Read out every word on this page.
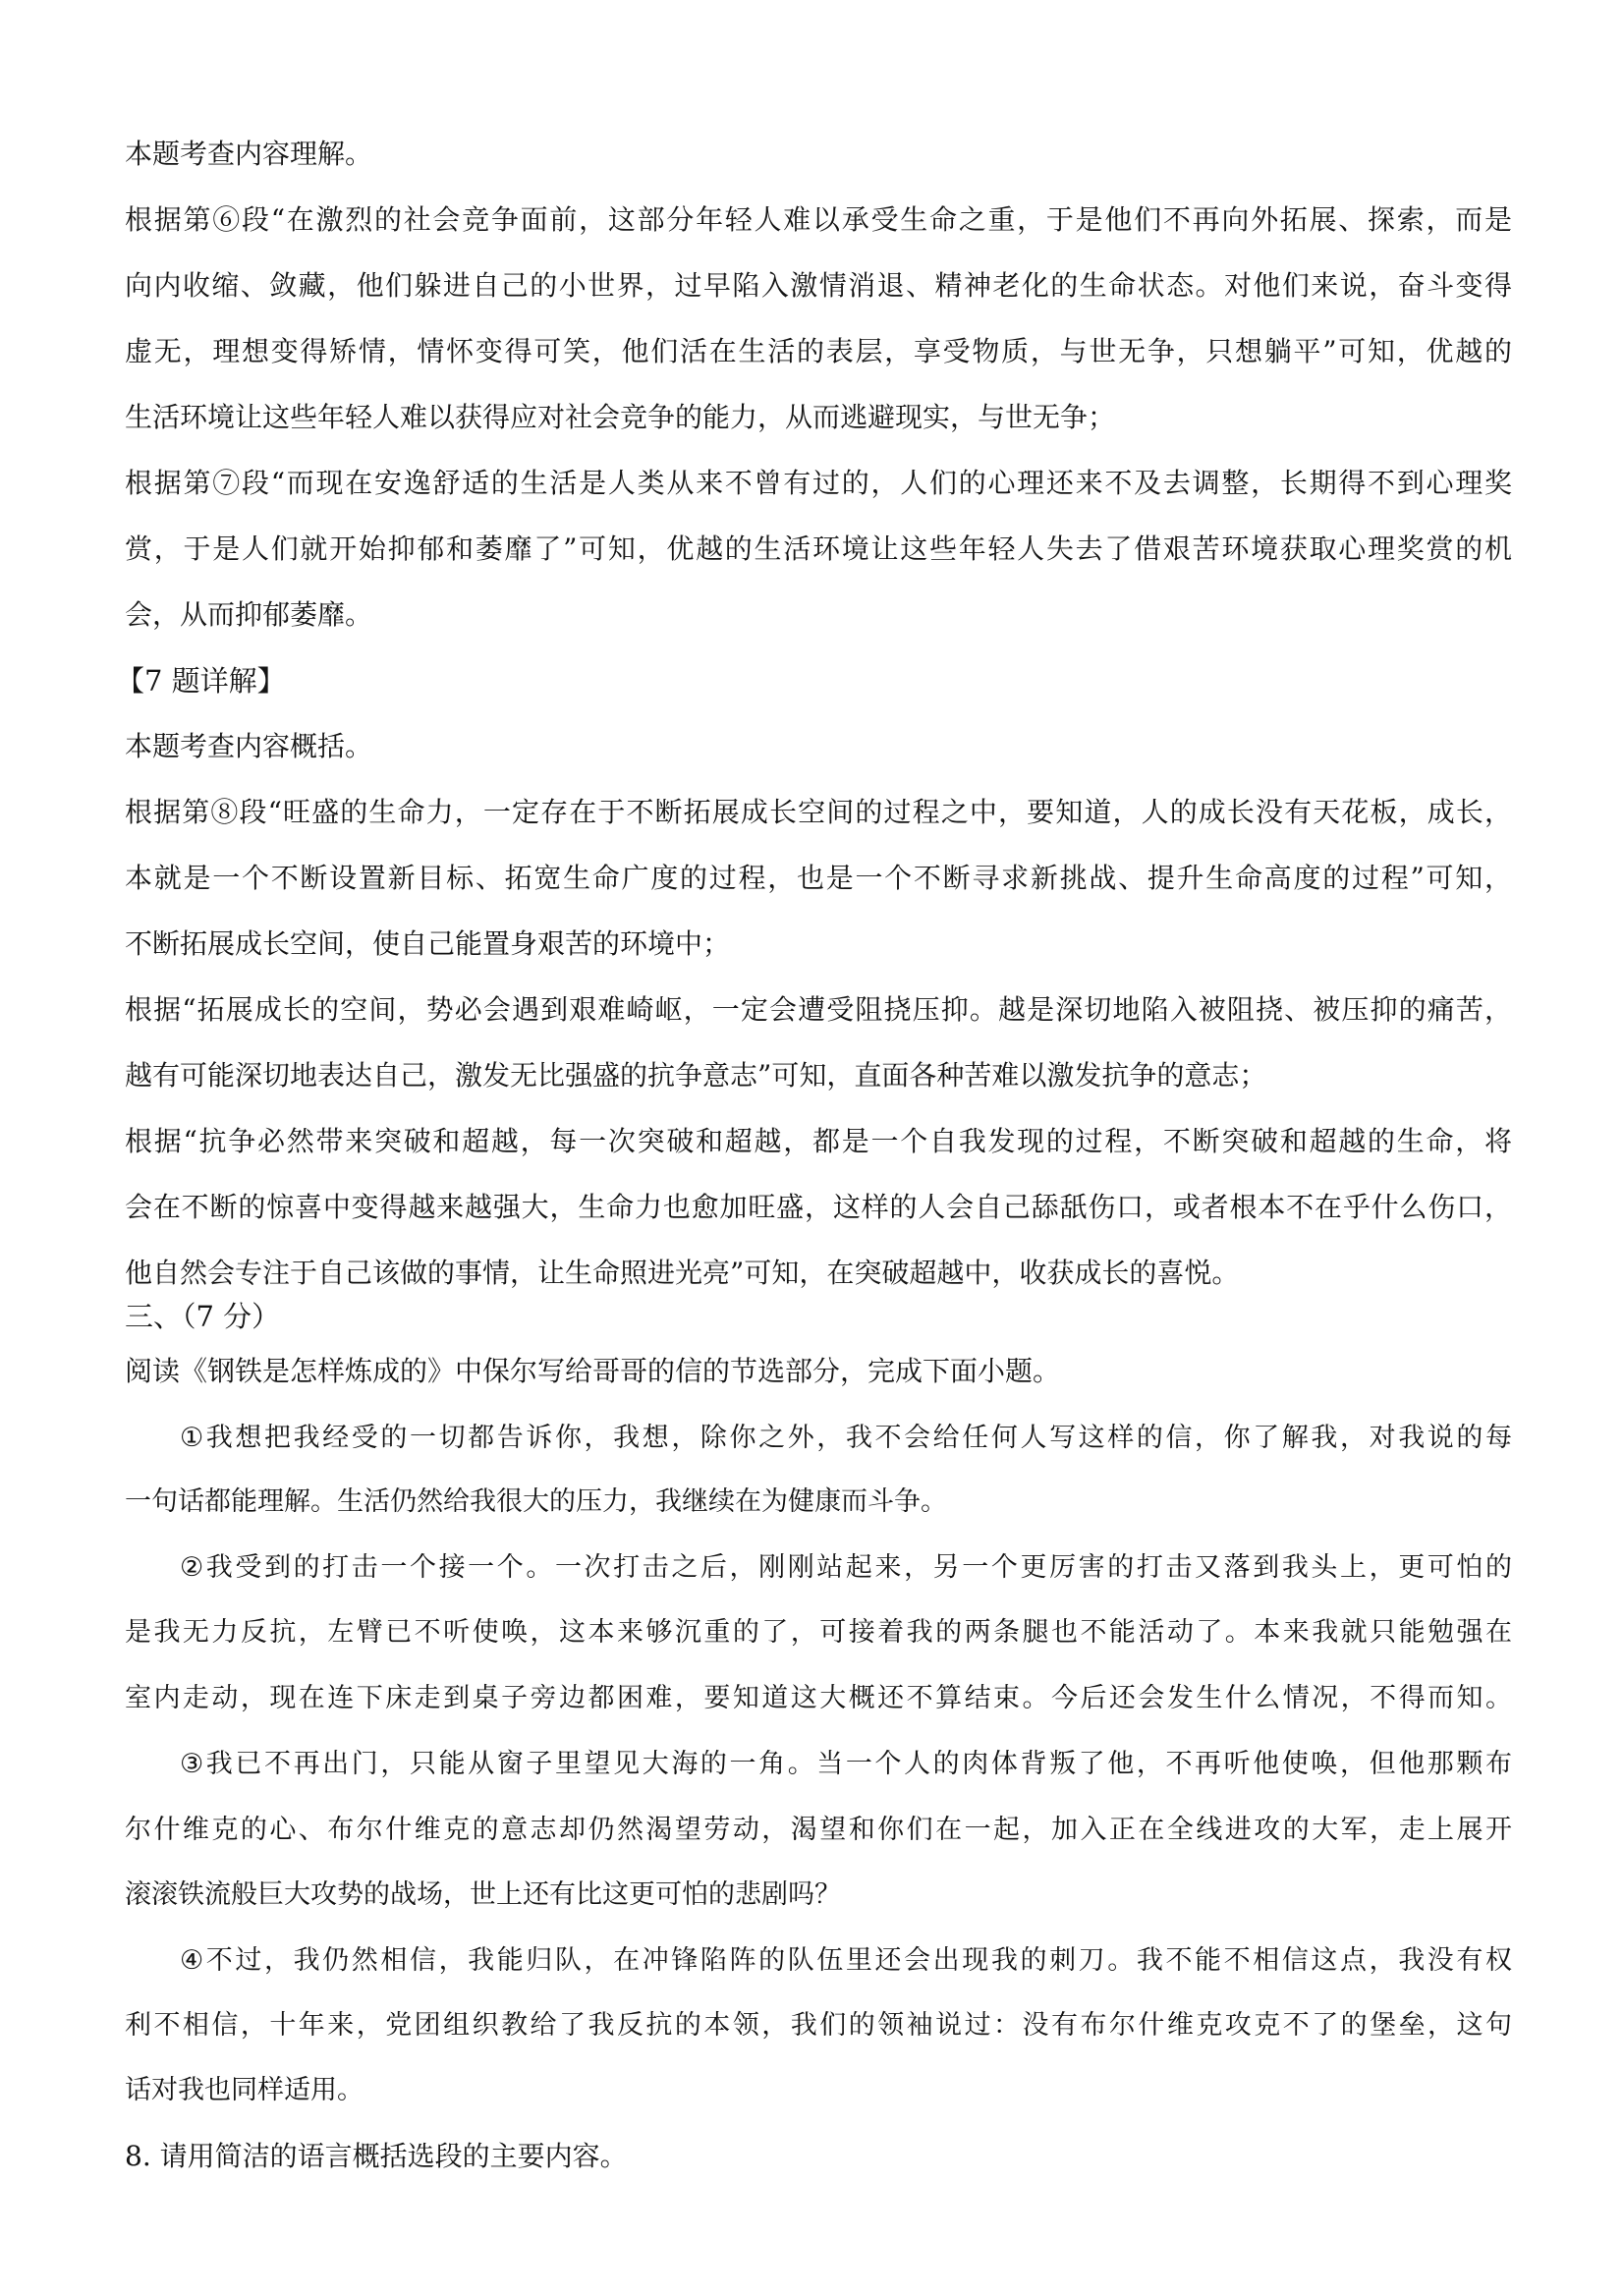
本题考查内容理解。
根据第⑥段“在激烈的社会竞争面前，这部分年轻人难以承受生命之重，于是他们不再向外拓展、探索，而是
向内收缩、敛藏，他们躲进自己的小世界，过早陷入激情消退、精神老化的生命状态。对他们来说，奋斗变得
虚无，理想变得矫情，情怀变得可笑，他们活在生活的表层，享受物质，与世无争，只想躺平”可知，优越的
生活环境让这些年轻人难以获得应对社会竞争的能力，从而逃避现实，与世无争；
根据第⑦段“而现在安逸舒适的生活是人类从来不曾有过的，人们的心理还来不及去调整，长期得不到心理奖
赏，于是人们就开始抑郁和萎靡了”可知，优越的生活环境让这些年轻人失去了借艰苦环境获取心理奖赏的机
会，从而抑郁萎靡。
【7 题详解】
本题考查内容概括。
根据第⑧段“旺盛的生命力，一定存在于不断拓展成长空间的过程之中，要知道，人的成长没有天花板，成长，
本就是一个不断设置新目标、拓宽生命广度的过程，也是一个不断寻求新挑战、提升生命高度的过程”可知，
不断拓展成长空间，使自己能置身艰苦的环境中；
根据“拓展成长的空间，势必会遇到艰难崎岖，一定会遭受阻挠压抑。越是深切地陷入被阻挠、被压抑的痛苦，
越有可能深切地表达自己，激发无比强盛的抗争意志”可知，直面各种苦难以激发抗争的意志；
根据“抗争必然带来突破和超越，每一次突破和超越，都是一个自我发现的过程，不断突破和超越的生命，将
会在不断的惊喜中变得越来越强大，生命力也愈加旺盛，这样的人会自己舔舐伤口，或者根本不在乎什么伤口，
他自然会专注于自己该做的事情，让生命照进光亮”可知，在突破超越中，收获成长的喜悦。
三、（7 分）
阅读《钢铁是怎样炼成的》中保尔写给哥哥的信的节选部分，完成下面小题。
①我想把我经受的一切都告诉你，我想，除你之外，我不会给任何人写这样的信，你了解我，对我说的每
一句话都能理解。生活仍然给我很大的压力，我继续在为健康而斗争。
②我受到的打击一个接一个。一次打击之后，刚刚站起来，另一个更厉害的打击又落到我头上，更可怕的
是我无力反抗，左臂已不听使唤，这本来够沉重的了，可接着我的两条腿也不能活动了。本来我就只能勉强在
室内走动，现在连下床走到桌子旁边都困难，要知道这大概还不算结束。今后还会发生什么情况，不得而知。
③我已不再出门，只能从窗子里望见大海的一角。当一个人的肉体背叛了他，不再听他使唤，但他那颗布
尔什维克的心、布尔什维克的意志却仍然渴望劳动，渴望和你们在一起，加入正在全线进攻的大军，走上展开
滚滚铁流般巨大攻势的战场，世上还有比这更可怕的悲剧吗？
④不过，我仍然相信，我能归队，在冲锋陷阵的队伍里还会出现我的刺刀。我不能不相信这点，我没有权
利不相信，十年来，党团组织教给了我反抗的本领，我们的领袖说过：没有布尔什维克攻克不了的堡垒，这句
话对我也同样适用。
8. 请用简洁的语言概括选段的主要内容。
